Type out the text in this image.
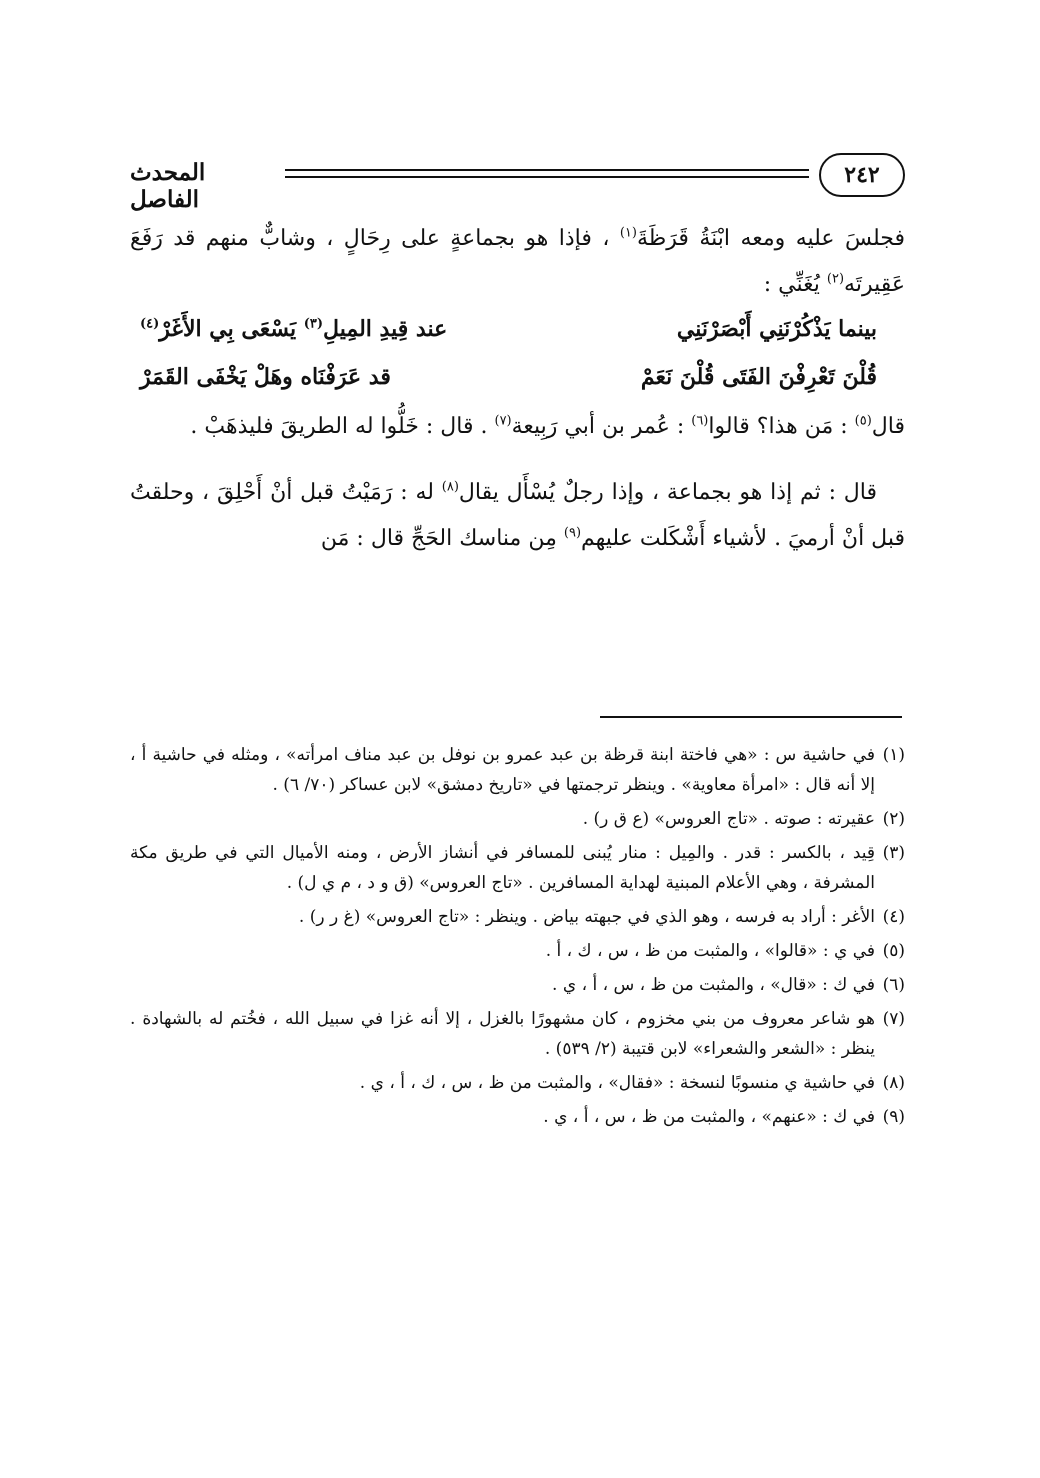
٢٤٢
المحدث الفاصل

فجلسَ عليه ومعه ابْنَةُ قَرَظَةَ$^{(١)}$ ، فإذا هو بجماعةٍ على رِحَالٍ ، وشابٌّ منهم قد رَفَعَ عَقِيرتَه$^{(٢)}$ يُغَنِّي :

بينما يَذْكُرْنَنِي أَبْصَرْنَنِي
عند قِيدِ المِيلِ$^{(٣)}$ يَسْعَى بِي الأَغَرْ$^{(٤)}$
قُلْنَ تَعْرِفْنَ الفَتَى قُلْنَ نَعَمْ
قد عَرَفْنَاه وهَلْ يَخْفَى القَمَرْ

قال$^{(٥)}$ : مَن هذا؟ قالوا$^{(٦)}$ : عُمر بن أبي رَبِيعة$^{(٧)}$ . قال : خَلُّوا له الطريقَ فليذهَبْ .

قال : ثم إذا هو بجماعة ، وإذا رجلٌ يُسْأَل يقال$^{(٨)}$ له : رَمَيْتُ قبل أنْ أَحْلِقَ ، وحلقتُ قبل أنْ أرميَ . لأشياء أَشْكَلت عليهم$^{(٩)}$ مِن مناسك الحَجِّ قال : مَن

(١)
في حاشية س : «هي فاختة ابنة قرظة بن عبد عمرو بن نوفل بن عبد مناف امرأته» ، ومثله في حاشية أ ، إلا أنه قال : «امرأة معاوية» . وينظر ترجمتها في «تاريخ دمشق» لابن عساكر (٧٠/ ٦) .

(٢)
عقيرته : صوته . «تاج العروس» (ع ق ر) .

(٣)
قِيد ، بالكسر : قدر . والمِيل : منار يُبنى للمسافر في أنشاز الأرض ، ومنه الأميال التي في طريق مكة المشرفة ، وهي الأعلام المبنية لهداية المسافرين . «تاج العروس» (ق و د ، م ي ل) .

(٤)
الأغر : أراد به فرسه ، وهو الذي في جبهته بياض . وينظر : «تاج العروس» (غ ر ر) .

(٥)
في ي : «قالوا» ، والمثبت من ظ ، س ، ك ، أ .

(٦)
في ك : «قال» ، والمثبت من ظ ، س ، أ ، ي .

(٧)
هو شاعر معروف من بني مخزوم ، كان مشهورًا بالغزل ، إلا أنه غزا في سبيل الله ، فخُتم له بالشهادة . ينظر : «الشعر والشعراء» لابن قتيبة (٢/ ٥٣٩) .

(٨)
في حاشية ي منسوبًا لنسخة : «فقال» ، والمثبت من ظ ، س ، ك ، أ ، ي .

(٩)
في ك : «عنهم» ، والمثبت من ظ ، س ، أ ، ي .
